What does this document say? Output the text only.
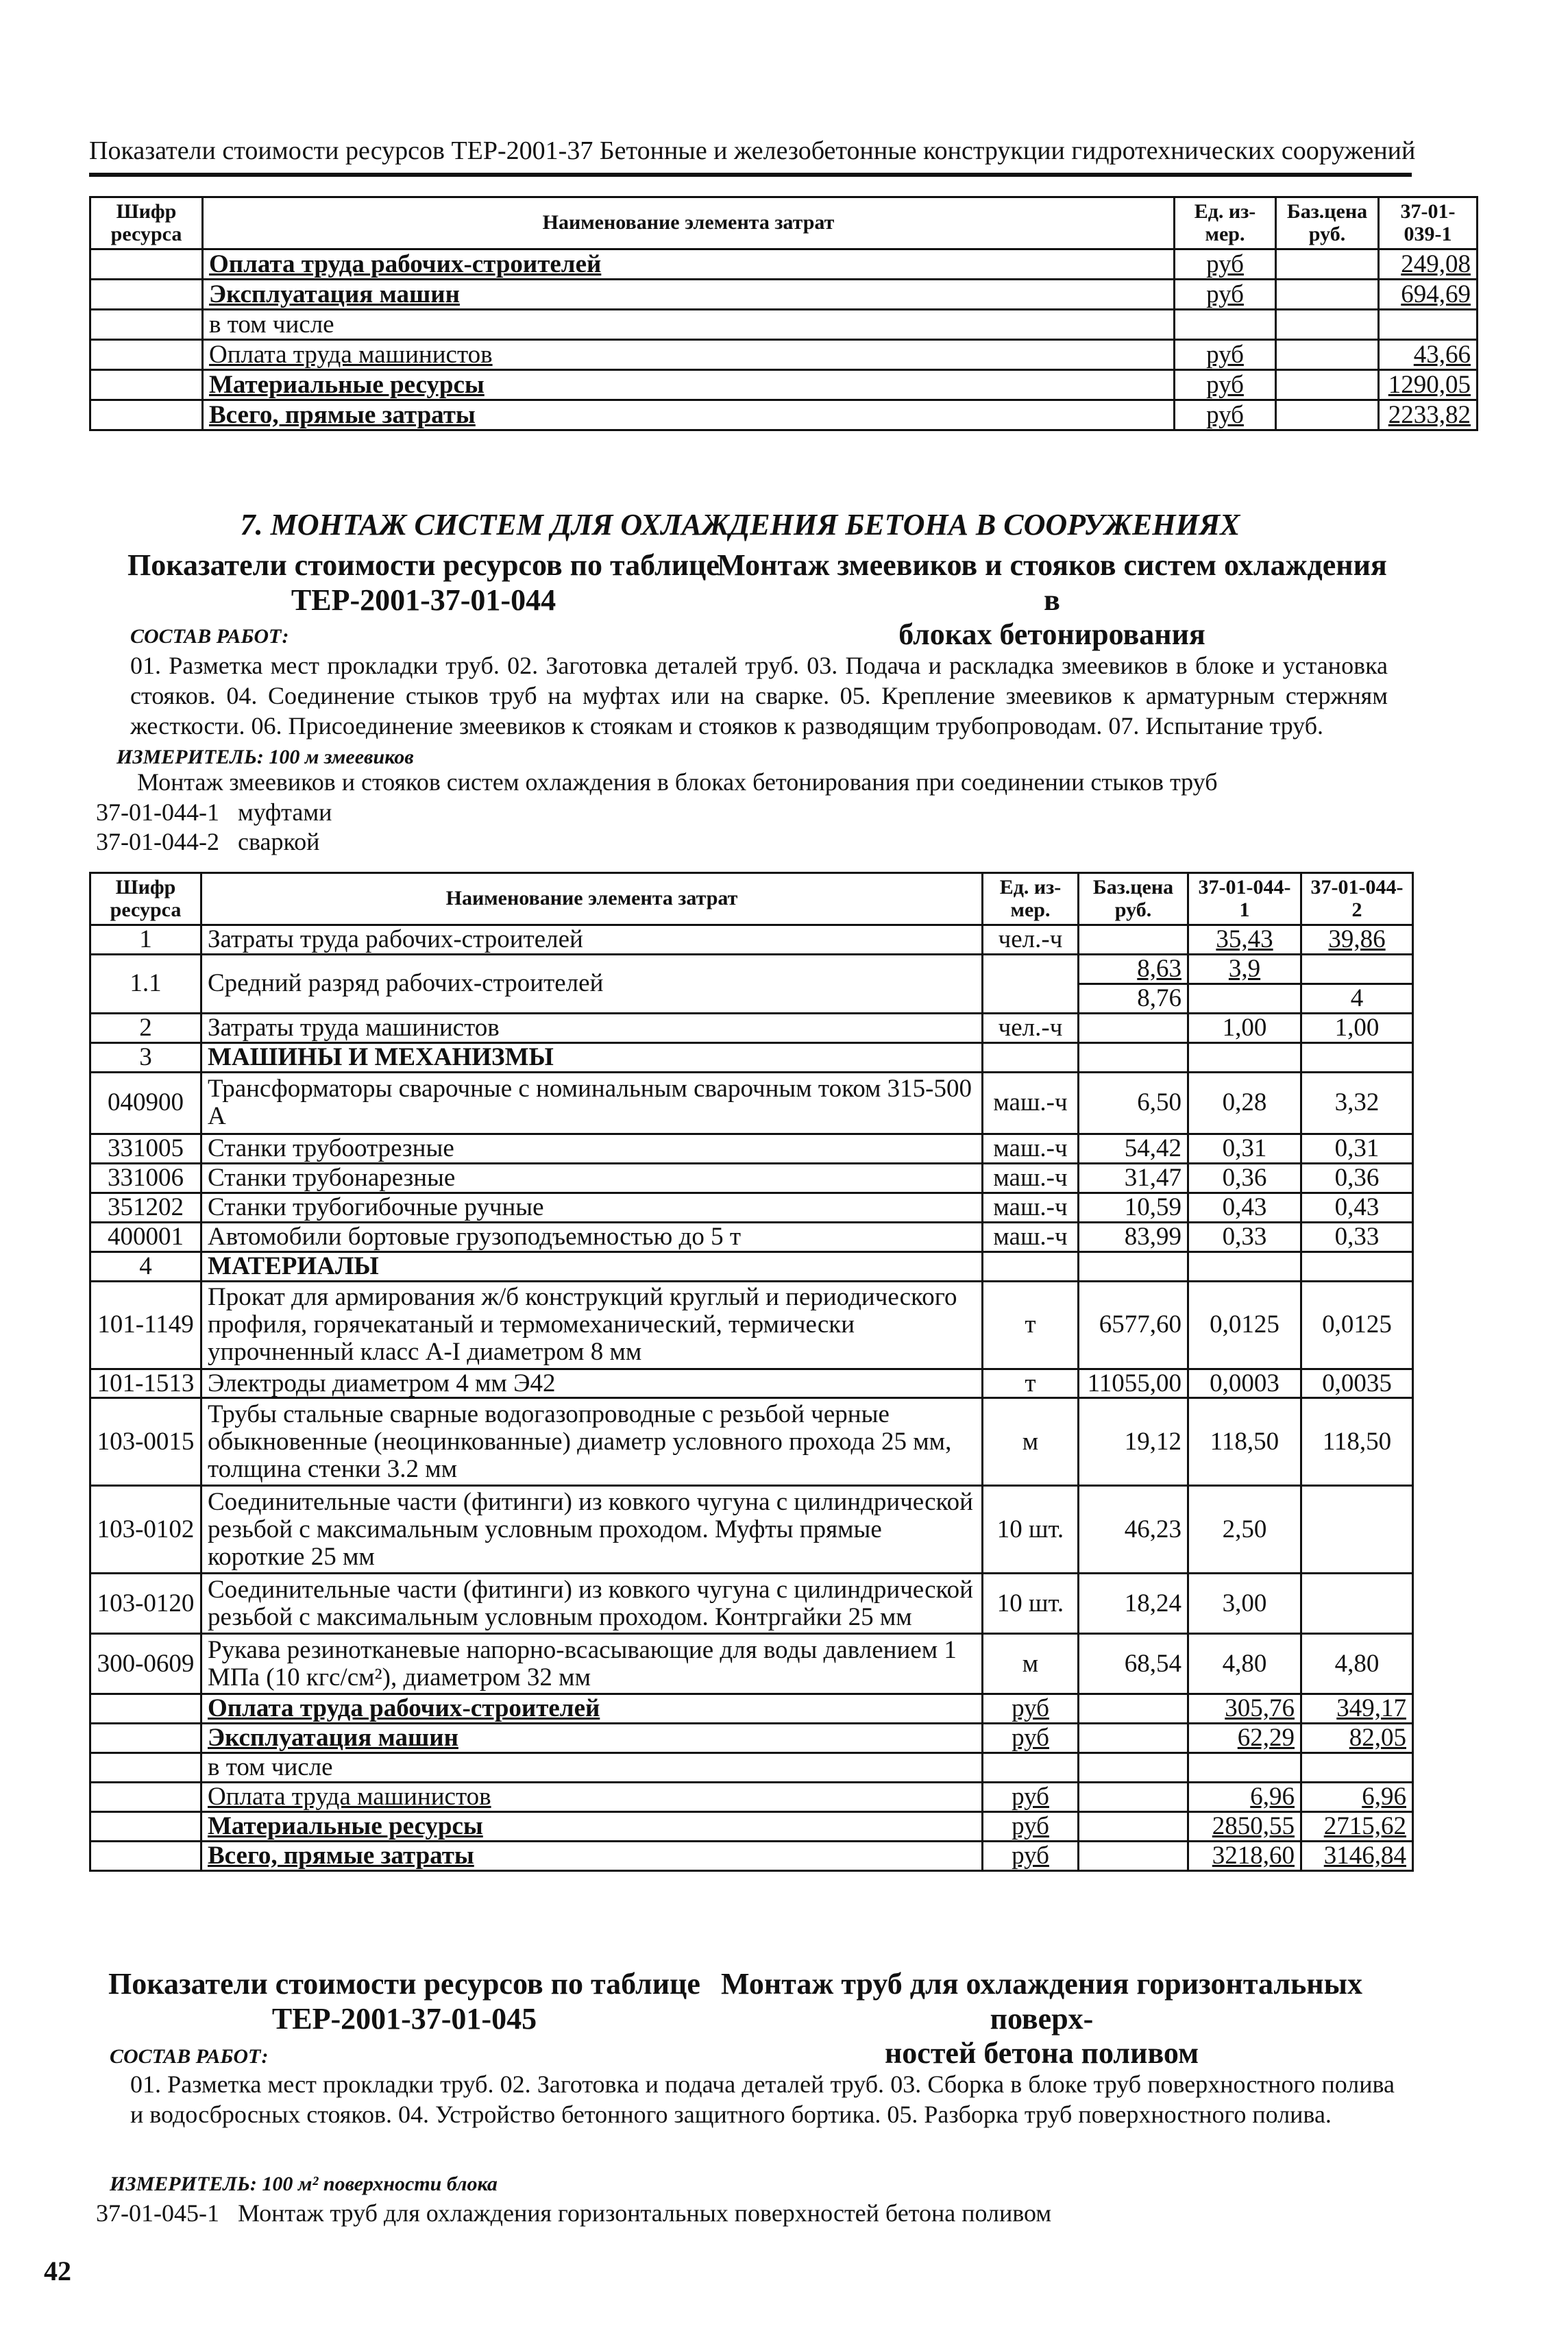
Показатели стоимости ресурсов ТЕР-2001-37 Бетонные и железобетонные конструкции гидротехнических сооружений
Шифр ресурса	Наименование элемента затрат	Ед. из-мер.	Баз.цена руб.	37-01-039-1
	Оплата труда рабочих-строителей	руб		249,08
	Эксплуатация машин	руб		694,69
	в том числе			
	Оплата труда машинистов	руб		43,66
	Материальные ресурсы	руб		1290,05
	Всего, прямые затраты	руб		2233,82
7. МОНТАЖ СИСТЕМ ДЛЯ ОХЛАЖДЕНИЯ БЕТОНА В СООРУЖЕНИЯХ
Показатели стоимости ресурсов по таблице
ТЕР-2001-37-01-044
Монтаж змеевиков и стояков систем охлаждения в
блоках бетонирования
СОСТАВ РАБОТ:
01. Разметка мест прокладки труб. 02. Заготовка деталей труб. 03. Подача и раскладка змеевиков в блоке и установка стояков. 04. Соединение стыков труб на муфтах или на сварке. 05. Крепление змеевиков к арматурным стержням жесткости. 06. Присоединение змеевиков к стоякам и стояков к разводящим трубопроводам. 07. Испытание труб.
ИЗМЕРИТЕЛЬ: 100 м змеевиков
Монтаж змеевиков и стояков систем охлаждения в блоках бетонирования при соединении стыков труб
37-01-044-1 муфтами
37-01-044-2 сваркой
Шифр ресурса	Наименование элемента затрат	Ед. из-мер.	Баз.цена руб.	37-01-044-1	37-01-044-2
1	Затраты труда рабочих-строителей	чел.-ч		35,43	39,86
1.1	Средний разряд рабочих-строителей		8,63	3,9	
			8,76		4
2	Затраты труда машинистов	чел.-ч		1,00	1,00
3	МАШИНЫ И МЕХАНИЗМЫ				
040900	Трансформаторы сварочные с номинальным сварочным током 315-500 А	маш.-ч	6,50	0,28	3,32
331005	Станки трубоотрезные	маш.-ч	54,42	0,31	0,31
331006	Станки трубонарезные	маш.-ч	31,47	0,36	0,36
351202	Станки трубогибочные ручные	маш.-ч	10,59	0,43	0,43
400001	Автомобили бортовые грузоподъемностью до 5 т	маш.-ч	83,99	0,33	0,33
4	МАТЕРИАЛЫ				
101-1149	Прокат для армирования ж/б конструкций круглый и периодического профиля, горячекатаный и термомеханический, термически упрочненный класс А-I диаметром 8 мм	т	6577,60	0,0125	0,0125
101-1513	Электроды диаметром 4 мм Э42	т	11055,00	0,0003	0,0035
103-0015	Трубы стальные сварные водогазопроводные с резьбой черные обыкновенные (неоцинкованные) диаметр условного прохода 25 мм, толщина стенки 3.2 мм	м	19,12	118,50	118,50
103-0102	Соединительные части (фитинги) из ковкого чугуна с цилиндрической резьбой с максимальным условным проходом. Муфты прямые короткие 25 мм	10 шт.	46,23	2,50	
103-0120	Соединительные части (фитинги) из ковкого чугуна с цилиндрической резьбой с максимальным условным проходом. Контргайки 25 мм	10 шт.	18,24	3,00	
300-0609	Рукава резинотканевые напорно-всасывающие для воды давлением 1 МПа (10 кгс/см²), диаметром 32 мм	м	68,54	4,80	4,80
	Оплата труда рабочих-строителей	руб		305,76	349,17
	Эксплуатация машин	руб		62,29	82,05
	в том числе				
	Оплата труда машинистов	руб		6,96	6,96
	Материальные ресурсы	руб		2850,55	2715,62
	Всего, прямые затраты	руб		3218,60	3146,84
Показатели стоимости ресурсов по таблице
ТЕР-2001-37-01-045
Монтаж труб для охлаждения горизонтальных поверх-
ностей бетона поливом
СОСТАВ РАБОТ:
01. Разметка мест прокладки труб. 02. Заготовка и подача деталей труб. 03. Сборка в блоке труб поверхностного полива и водосбросных стояков. 04. Устройство бетонного защитного бортика. 05. Разборка труб поверхностного полива.
ИЗМЕРИТЕЛЬ: 100 м² поверхности блока
37-01-045-1 Монтаж труб для охлаждения горизонтальных поверхностей бетона поливом
42
